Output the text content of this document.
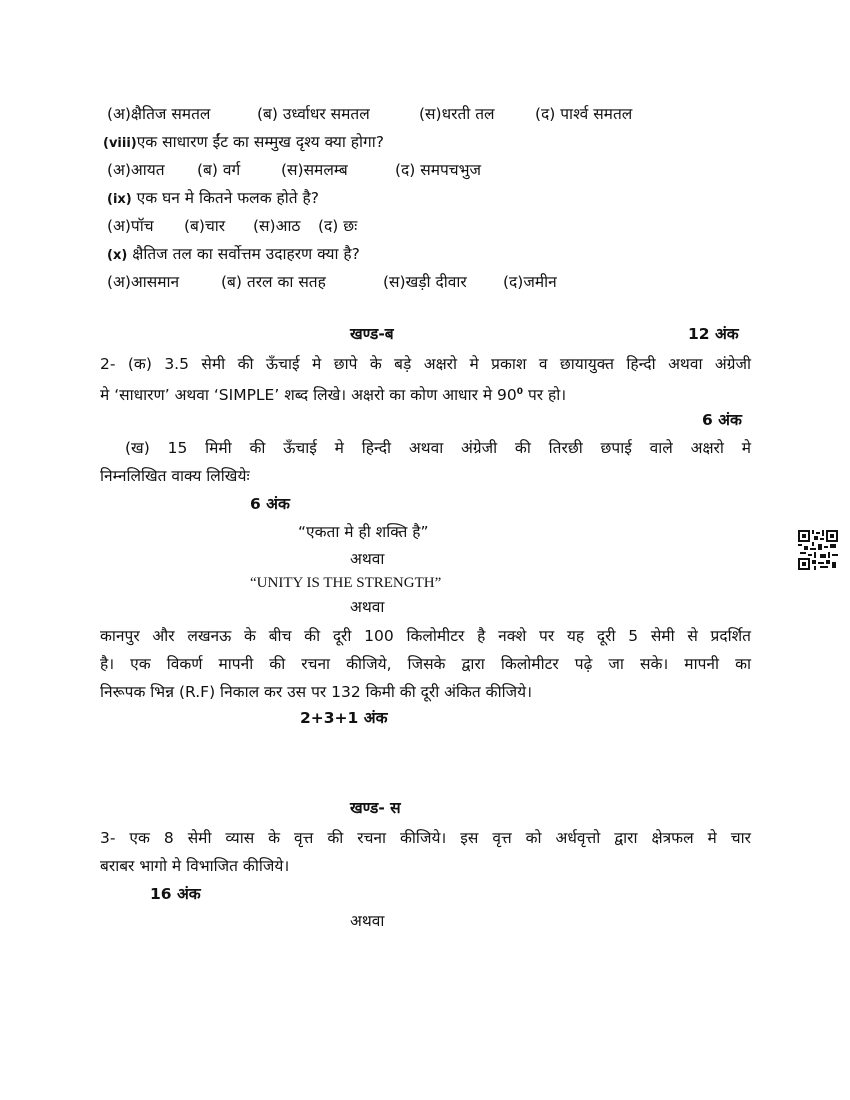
(अ)क्षैतिज समतल	(ब) उर्ध्वाधर समतल	(स)धरती तल	(द) पार्श्व समतल
(viii)एक साधारण ईंट का सम्मुख दृश्य क्या होगा?
(अ)आयत (ब) वर्ग	(स)समलम्ब	(द) समपचभुज
(ix) एक घन मे कितने फलक होते है?
(अ)पॉच (ब)चार (स)आठ (द) छः
(x) क्षैतिज तल का सर्वोत्तम उदाहरण क्या है?
(अ)आसमान	(ब) तरल का सतह	(स)खड़ी दीवार (द)जमीन
खण्ड-ब	12 अंक
2- (क) 3.5 सेमी की ऊँचाई मे छापे के बड़े अक्षरो मे प्रकाश व छायायुक्त हिन्दी अथवा अंग्रेजी
मे ‘साधारण’ अथवा ‘SIMPLE’ शब्द लिखे। अक्षरो का कोण आधार मे $90^0$ पर हो।
6 अंक
(ख) 15 मिमी की ऊँचाई मे हिन्दी अथवा अंग्रेजी की तिरछी छपाई वाले अक्षरो मे
निम्नलिखित वाक्य लिखियेः
6 अंक
“एकता मे ही शक्ति है”
अथवा
“UNITY IS THE STRENGTH”
अथवा
कानपुर और लखनऊ के बीच की दूरी 100 किलोमीटर है नक्शे पर यह दूरी 5 सेमी से प्रदर्शित
है। एक विकर्ण मापनी की रचना कीजिये, जिसके द्वारा किलोमीटर पढ़े जा सके। मापनी का
निरूपक भिन्न (R.F) निकाल कर उस पर 132 किमी की दूरी अंकित कीजिये।
2+3+1 अंक
खण्ड- स
3- एक 8 सेमी व्यास के वृत्त की रचना कीजिये। इस वृत्त को अर्धवृत्तो द्वारा क्षेत्रफल मे चार
बराबर भागो मे विभाजित कीजिये।
16 अंक
अथवा
